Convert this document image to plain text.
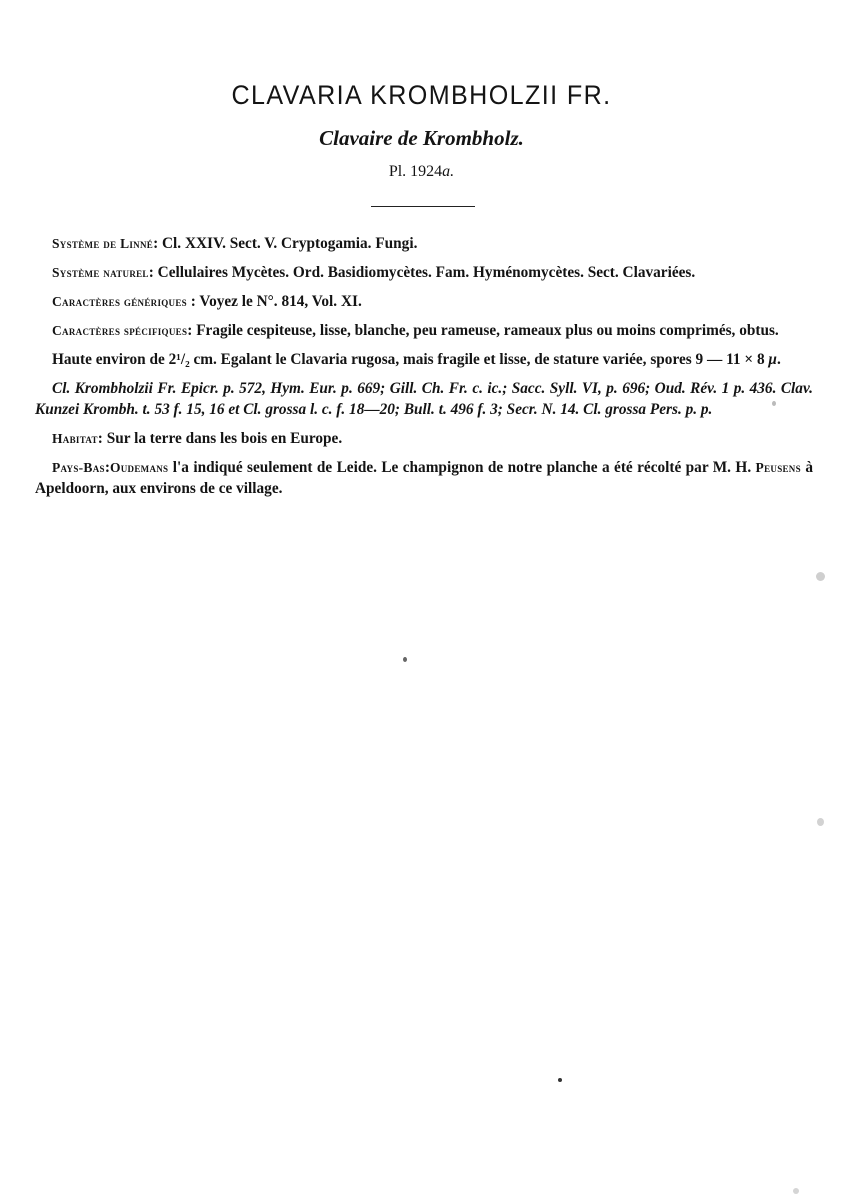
CLAVARIA KROMBHOLZII FR.
Clavaire de Krombholz.
Pl. 1924a.

Système de Linné: Cl. XXIV. Sect. V. Cryptogamia. Fungi.

Système naturel: Cellulaires Mycètes. Ord. Basidiomycètes. Fam. Hyménomycètes. Sect. Clavariées.

Caractères génériques : Voyez le N°. 814, Vol. XI.

Caractères spécifiques: Fragile cespiteuse, lisse, blanche, peu rameuse, rameaux plus ou moins comprimés, obtus.

Haute environ de 2¹/₂ cm. Egalant le Clavaria rugosa, mais fragile et lisse, de stature variée, spores 9 — 11 × 8 μ.

Cl. Krombholzii Fr. Epicr. p. 572, Hym. Eur. p. 669; Gill. Ch. Fr. c. ic.; Sacc. Syll. VI, p. 696; Oud. Rév. 1 p. 436. Clav. Kunzei Krombh. t. 53 f. 15, 16 et Cl. grossa l. c. f. 18—20; Bull. t. 496 f. 3; Secr. N. 14. Cl. grossa Pers. p. p.

Habitat: Sur la terre dans les bois en Europe.

Pays-Bas:Oudemans l'a indiqué seulement de Leide. Le champignon de notre planche a été récolté par M. H. Peusens à Apeldoorn, aux environs de ce village.
